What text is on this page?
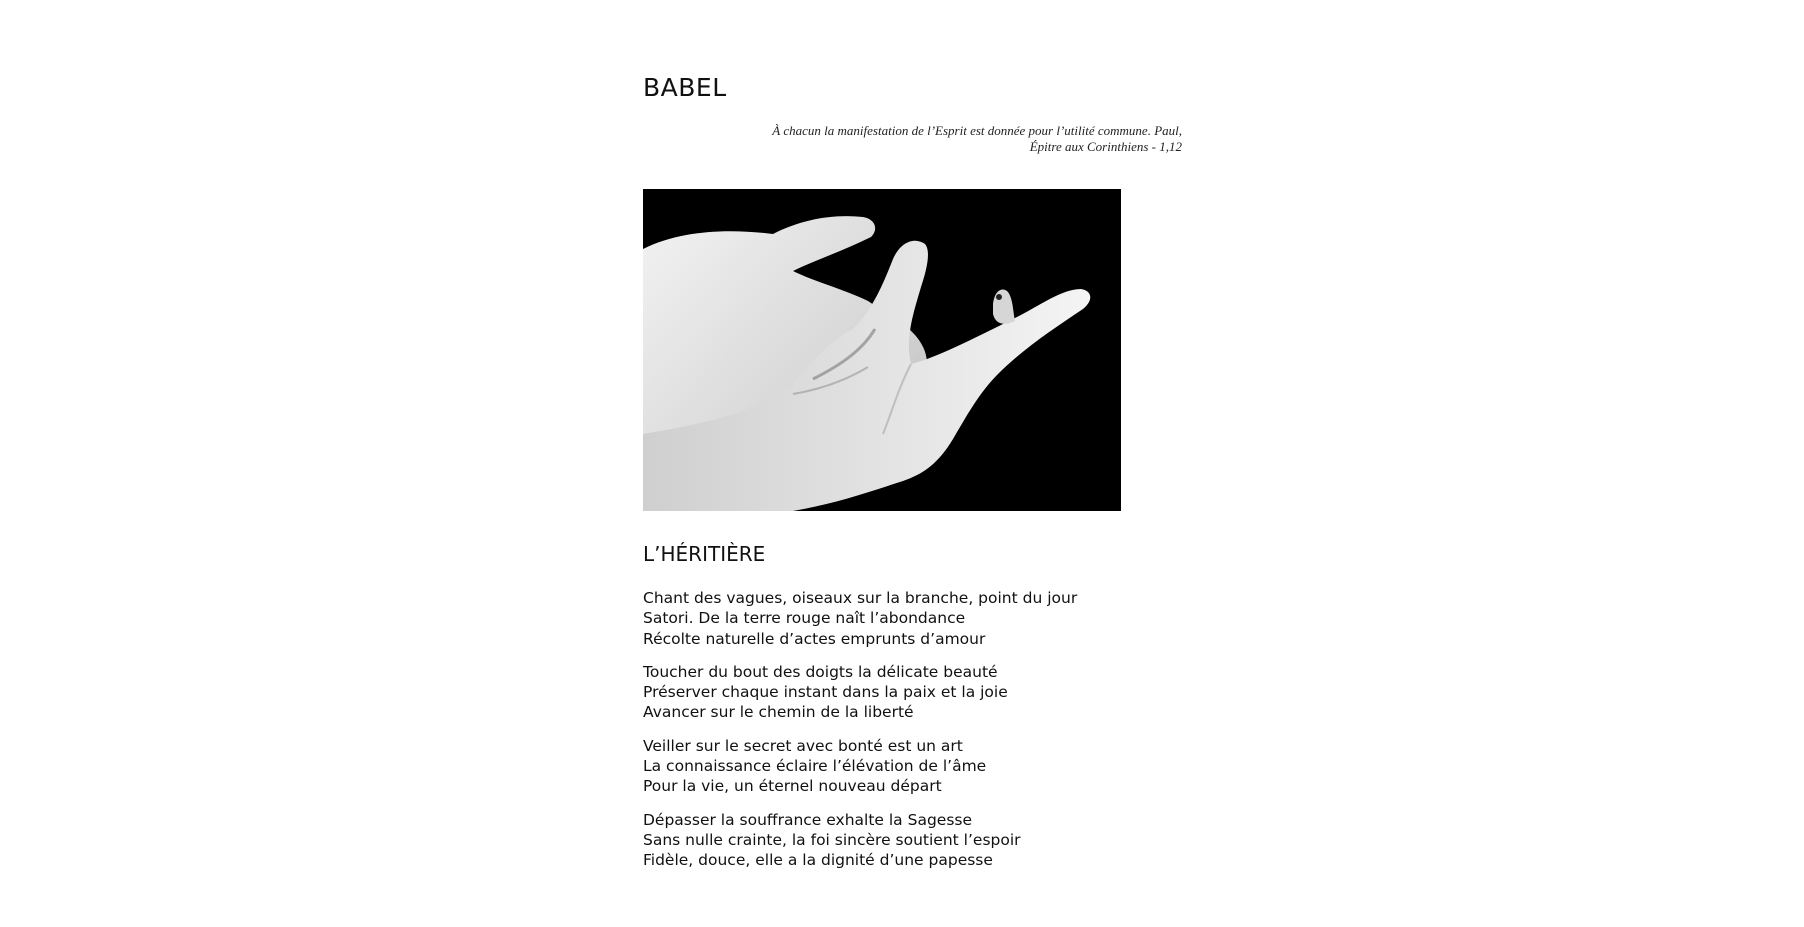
BABEL
À chacun la manifestation de l’Esprit est donnée pour l’utilité commune. Paul,
Épitre aux Corinthiens - 1,12
L’HÉRITIÈRE
Chant des vagues, oiseaux sur la branche, point du jour
Satori. De la terre rouge naît l’abondance
Récolte naturelle d’actes emprunts d’amour
Toucher du bout des doigts la délicate beauté
Préserver chaque instant dans la paix et la joie
Avancer sur le chemin de la liberté
Veiller sur le secret avec bonté est un art
La connaissance éclaire l’élévation de l’âme
Pour la vie, un éternel nouveau départ
Dépasser la souffrance exhalte la Sagesse
Sans nulle crainte, la foi sincère soutient l’espoir
Fidèle, douce, elle a la dignité d’une papesse
